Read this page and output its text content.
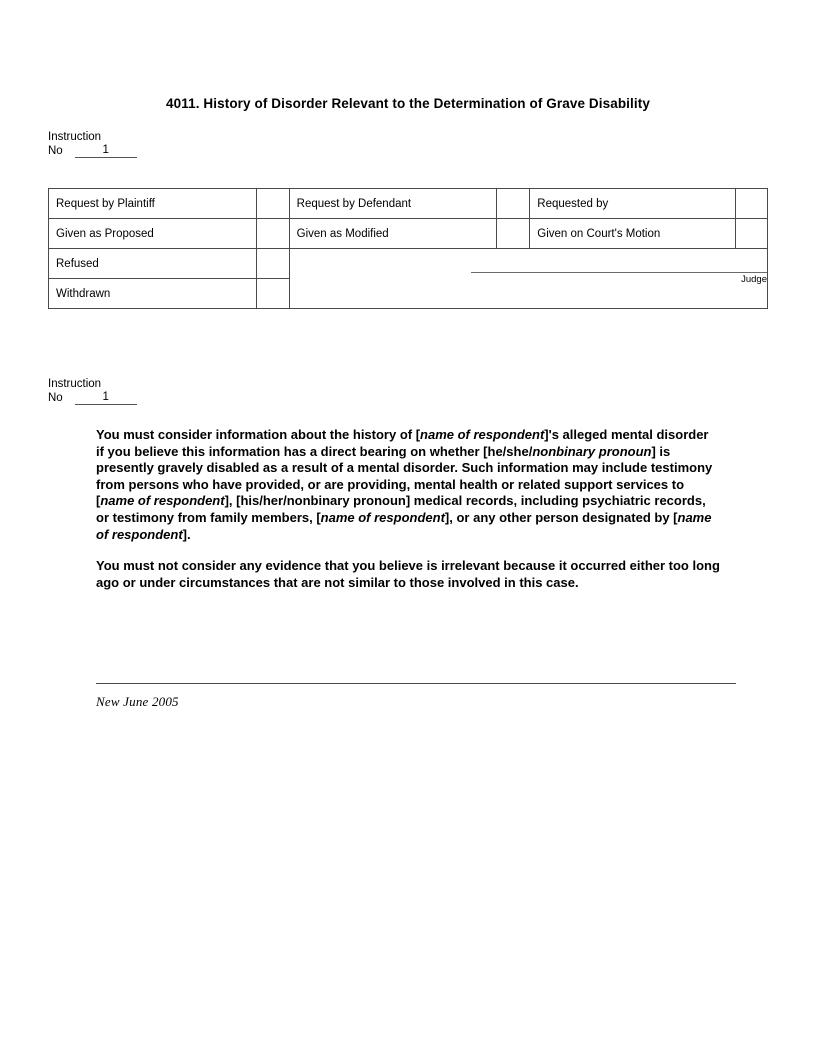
4011. History of Disorder Relevant to the Determination of Grave Disability
Instruction
No	1
Request by Plaintiff		Request by Defendant		Requested by	
Given as Proposed		Given as Modified		Given on Court's Motion	
Refused		Judge			

Withdrawn					
Instruction
No	1

You must consider information about the history of [name of respondent]'s alleged mental disorder if you believe this information has a direct bearing on whether [he/she/nonbinary pronoun] is presently gravely disabled as a result of a mental disorder. Such information may include testimony from persons who have provided, or are providing, mental health or related support services to [name of respondent], [his/her/nonbinary pronoun] medical records, including psychiatric records, or testimony from family members, [name of respondent], or any other person designated by [name of respondent].

You must not consider any evidence that you believe is irrelevant because it occurred either too long ago or under circumstances that are not similar to those involved in this case.

New June 2005
